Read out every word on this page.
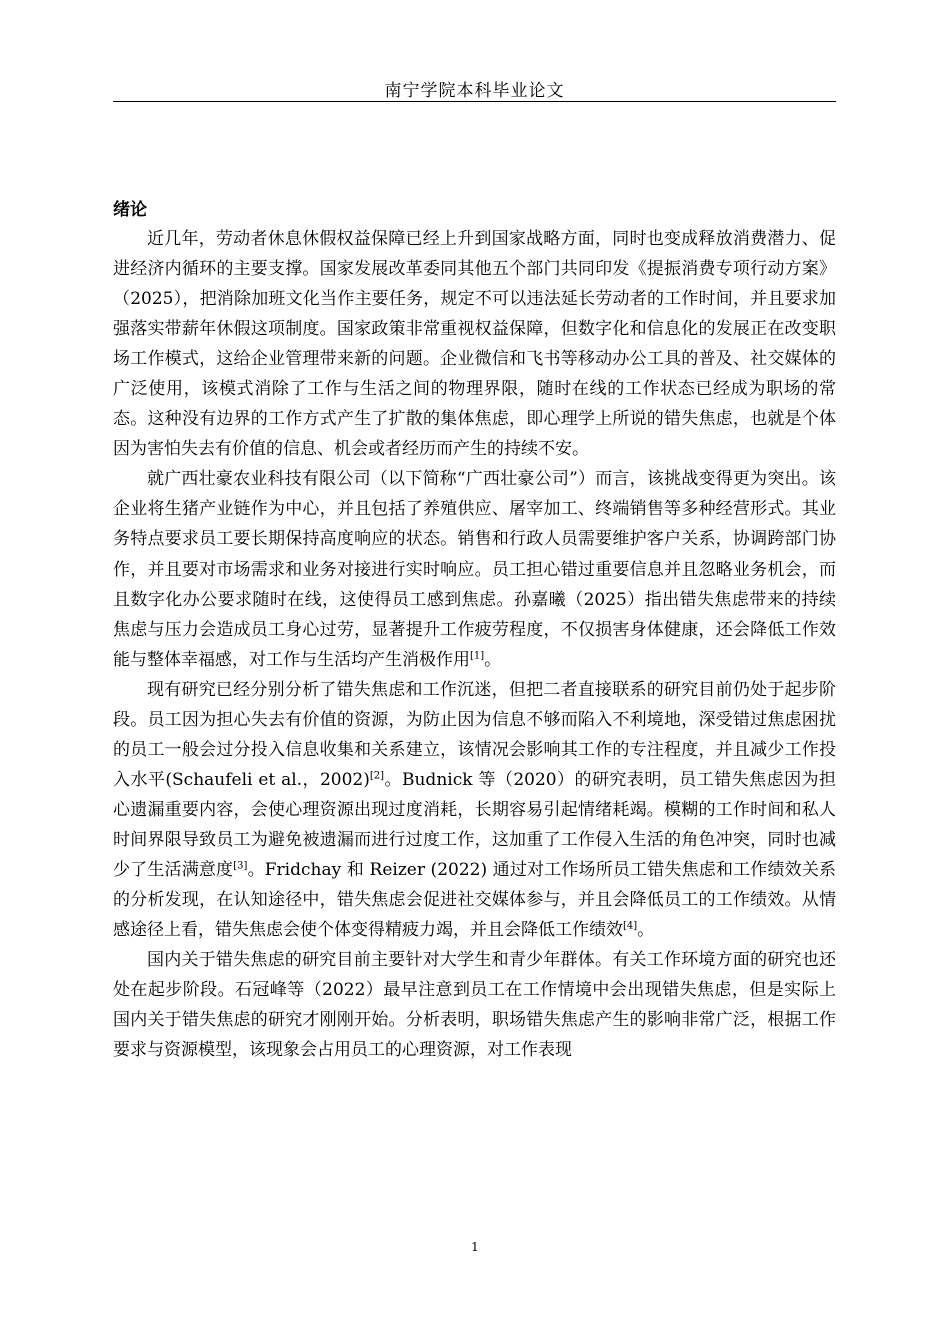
南宁学院本科毕业论文
绪论

近几年，劳动者休息休假权益保障已经上升到国家战略方面，同时也变成释放消费潜力、促进经济内循环的主要支撑。国家发展改革委同其他五个部门共同印发《提振消费专项行动方案》（2025），把消除加班文化当作主要任务，规定不可以违法延长劳动者的工作时间，并且要求加强落实带薪年休假这项制度。国家政策非常重视权益保障，但数字化和信息化的发展正在改变职场工作模式，这给企业管理带来新的问题。企业微信和飞书等移动办公工具的普及、社交媒体的广泛使用，该模式消除了工作与生活之间的物理界限，随时在线的工作状态已经成为职场的常态。这种没有边界的工作方式产生了扩散的集体焦虑，即心理学上所说的错失焦虑，也就是个体因为害怕失去有价值的信息、机会或者经历而产生的持续不安。

就广西壮豪农业科技有限公司（以下简称“广西壮豪公司”）而言，该挑战变得更为突出。该企业将生猪产业链作为中心，并且包括了养殖供应、屠宰加工、终端销售等多种经营形式。其业务特点要求员工要长期保持高度响应的状态。销售和行政人员需要维护客户关系，协调跨部门协作，并且要对市场需求和业务对接进行实时响应。员工担心错过重要信息并且忽略业务机会，而且数字化办公要求随时在线，这使得员工感到焦虑。孙嘉曦（2025）指出错失焦虑带来的持续焦虑与压力会造成员工身心过劳，显著提升工作疲劳程度，不仅损害身体健康，还会降低工作效能与整体幸福感，对工作与生活均产生消极作用[1]。

现有研究已经分别分析了错失焦虑和工作沉迷，但把二者直接联系的研究目前仍处于起步阶段。员工因为担心失去有价值的资源，为防止因为信息不够而陷入不利境地，深受错过焦虑困扰的员工一般会过分投入信息收集和关系建立，该情况会影响其工作的专注程度，并且减少工作投入水平(Schaufeli et al.，2002)[2]。Budnick 等（2020）的研究表明，员工错失焦虑因为担心遗漏重要内容，会使心理资源出现过度消耗，长期容易引起情绪耗竭。模糊的工作时间和私人时间界限导致员工为避免被遗漏而进行过度工作，这加重了工作侵入生活的角色冲突，同时也减少了生活满意度[3]。Fridchay 和 Reizer (2022) 通过对工作场所员工错失焦虑和工作绩效关系的分析发现，在认知途径中，错失焦虑会促进社交媒体参与，并且会降低员工的工作绩效。从情感途径上看，错失焦虑会使个体变得精疲力竭，并且会降低工作绩效[4]。

国内关于错失焦虑的研究目前主要针对大学生和青少年群体。有关工作环境方面的研究也还处在起步阶段。石冠峰等（2022）最早注意到员工在工作情境中会出现错失焦虑，但是实际上国内关于错失焦虑的研究才刚刚开始。分析表明，职场错失焦虑产生的影响非常广泛，根据工作要求与资源模型，该现象会占用员工的心理资源，对工作表现

1
